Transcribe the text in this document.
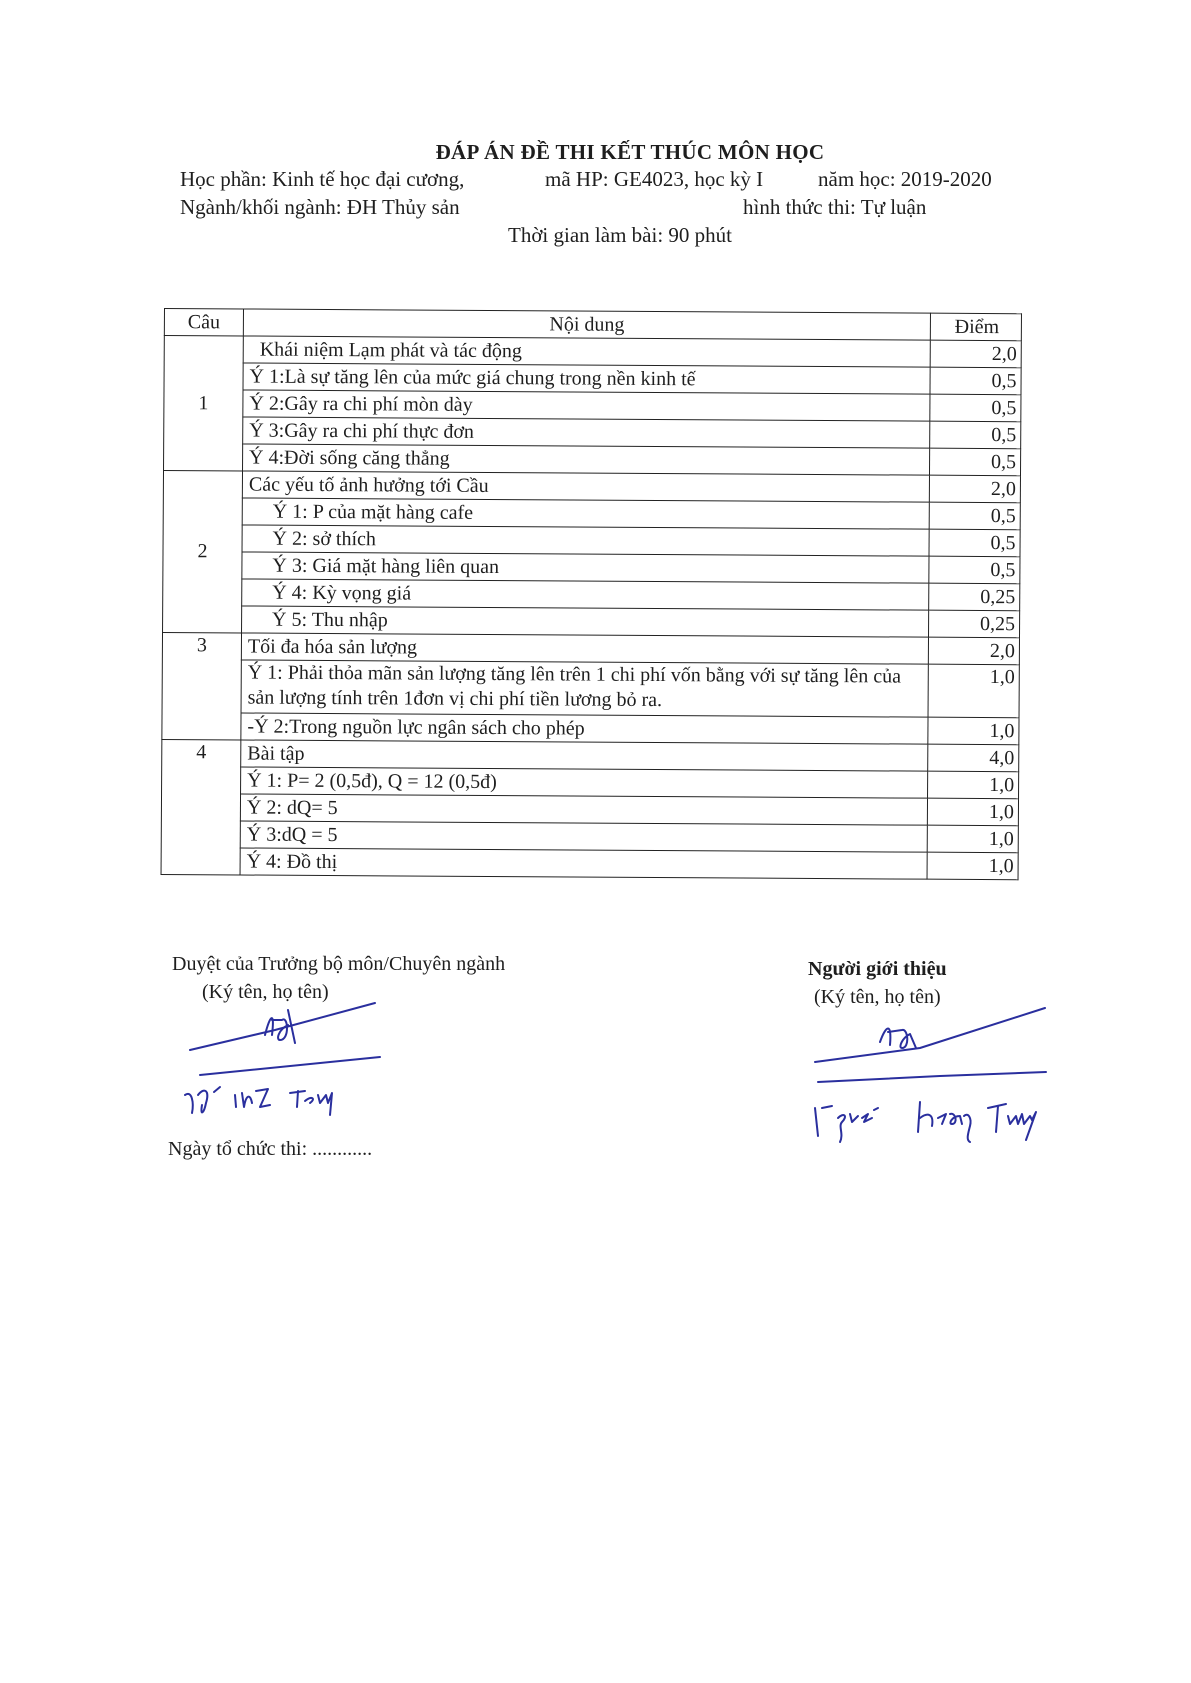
ĐÁP ÁN ĐỀ THI KẾT THÚC MÔN HỌC
Học phần: Kinh tế học đại cương,	mã HP: GE4023, học kỳ I	năm học: 2019-2020
Ngành/khối ngành: ĐH Thủy sản	hình thức thi: Tự luận
Thời gian làm bài: 90 phút
Câu	Nội dung	Điểm
1	Khái niệm Lạm phát và tác động	2,0
	Ý 1:Là sự tăng lên của mức giá chung trong nền kinh tế	0,5
	Ý 2:Gây ra chi phí mòn dày	0,5
	Ý 3:Gây ra chi phí thực đơn	0,5
	Ý 4:Đời sống căng thẳng	0,5
2	Các yếu tố ảnh hưởng tới Cầu	2,0
	Ý 1: P của mặt hàng cafe	0,5
	Ý 2: sở thích	0,5
	Ý 3: Giá mặt hàng liên quan	0,5
	Ý 4: Kỳ vọng giá	0,25
	Ý 5: Thu nhập	0,25
3	Tối đa hóa sản lượng	2,0
	Ý 1: Phải thỏa mãn sản lượng tăng lên trên 1 chi phí vốn bằng với sự tăng lên của sản lượng tính trên 1đơn vị chi phí tiền lương bỏ ra.	1,0
	-Ý 2:Trong nguồn lực ngân sách cho phép	1,0
4	Bài tập	4,0
	Ý 1: P= 2 (0,5đ), Q = 12 (0,5đ)	1,0
	Ý 2: dQ= 5	1,0
	Ý 3:dQ = 5	1,0
	Ý 4: Đồ thị	1,0
Duyệt của Trưởng bộ môn/Chuyên ngành
(Ký tên, họ tên)
Ngày tổ chức thi: ............
Người giới thiệu
(Ký tên, họ tên)
